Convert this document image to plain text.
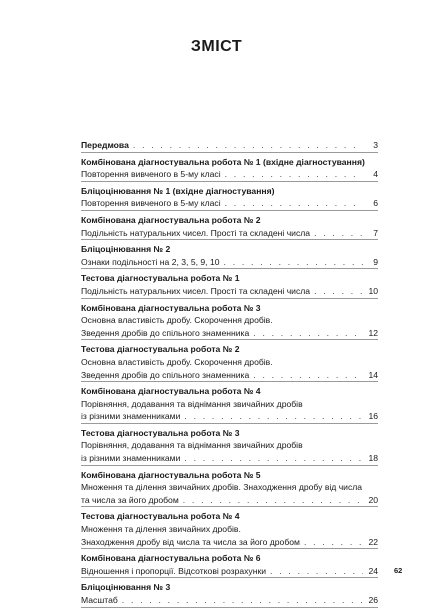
ЗМІСТ
Передмова . . .	3
Комбінована діагностувальна робота № 1 (вхідне діагностування)
Повторення вивченого в 5-му класі . . .	4
Бліцоцінювання № 1 (вхідне діагностування)
Повторення вивченого в 5-му класі . . .	6
Комбінована діагностувальна робота № 2
Подільність натуральних чисел. Прості та складені числа . . .	7
Бліцоцінювання № 2
Ознаки подільності на 2, 3, 5, 9, 10 . . .	9
Тестова діагностувальна робота № 1
Подільність натуральних чисел. Прості та складені числа . . .	10
Комбінована діагностувальна робота № 3
Основна властивість дробу. Скорочення дробів.
Зведення дробів до спільного знаменника . . .	12
Тестова діагностувальна робота № 2
Основна властивість дробу. Скорочення дробів.
Зведення дробів до спільного знаменника . . .	14
Комбінована діагностувальна робота № 4
Порівняння, додавання та віднімання звичайних дробів
із різними знаменниками . . .	16
Тестова діагностувальна робота № 3
Порівняння, додавання та віднімання звичайних дробів
із різними знаменниками . . .	18
Комбінована діагностувальна робота № 5
Множення та ділення звичайних дробів. Знаходження дробу від числа
та числа за його дробом . . .	20
Тестова діагностувальна робота № 4
Множення та ділення звичайних дробів.
Знаходження дробу від числа та числа за його дробом . . .	22
Комбінована діагностувальна робота № 6
Відношення і пропорції. Відсоткові розрахунки . . .	24
Бліцоцінювання № 3
Масштаб . . .	26
62
